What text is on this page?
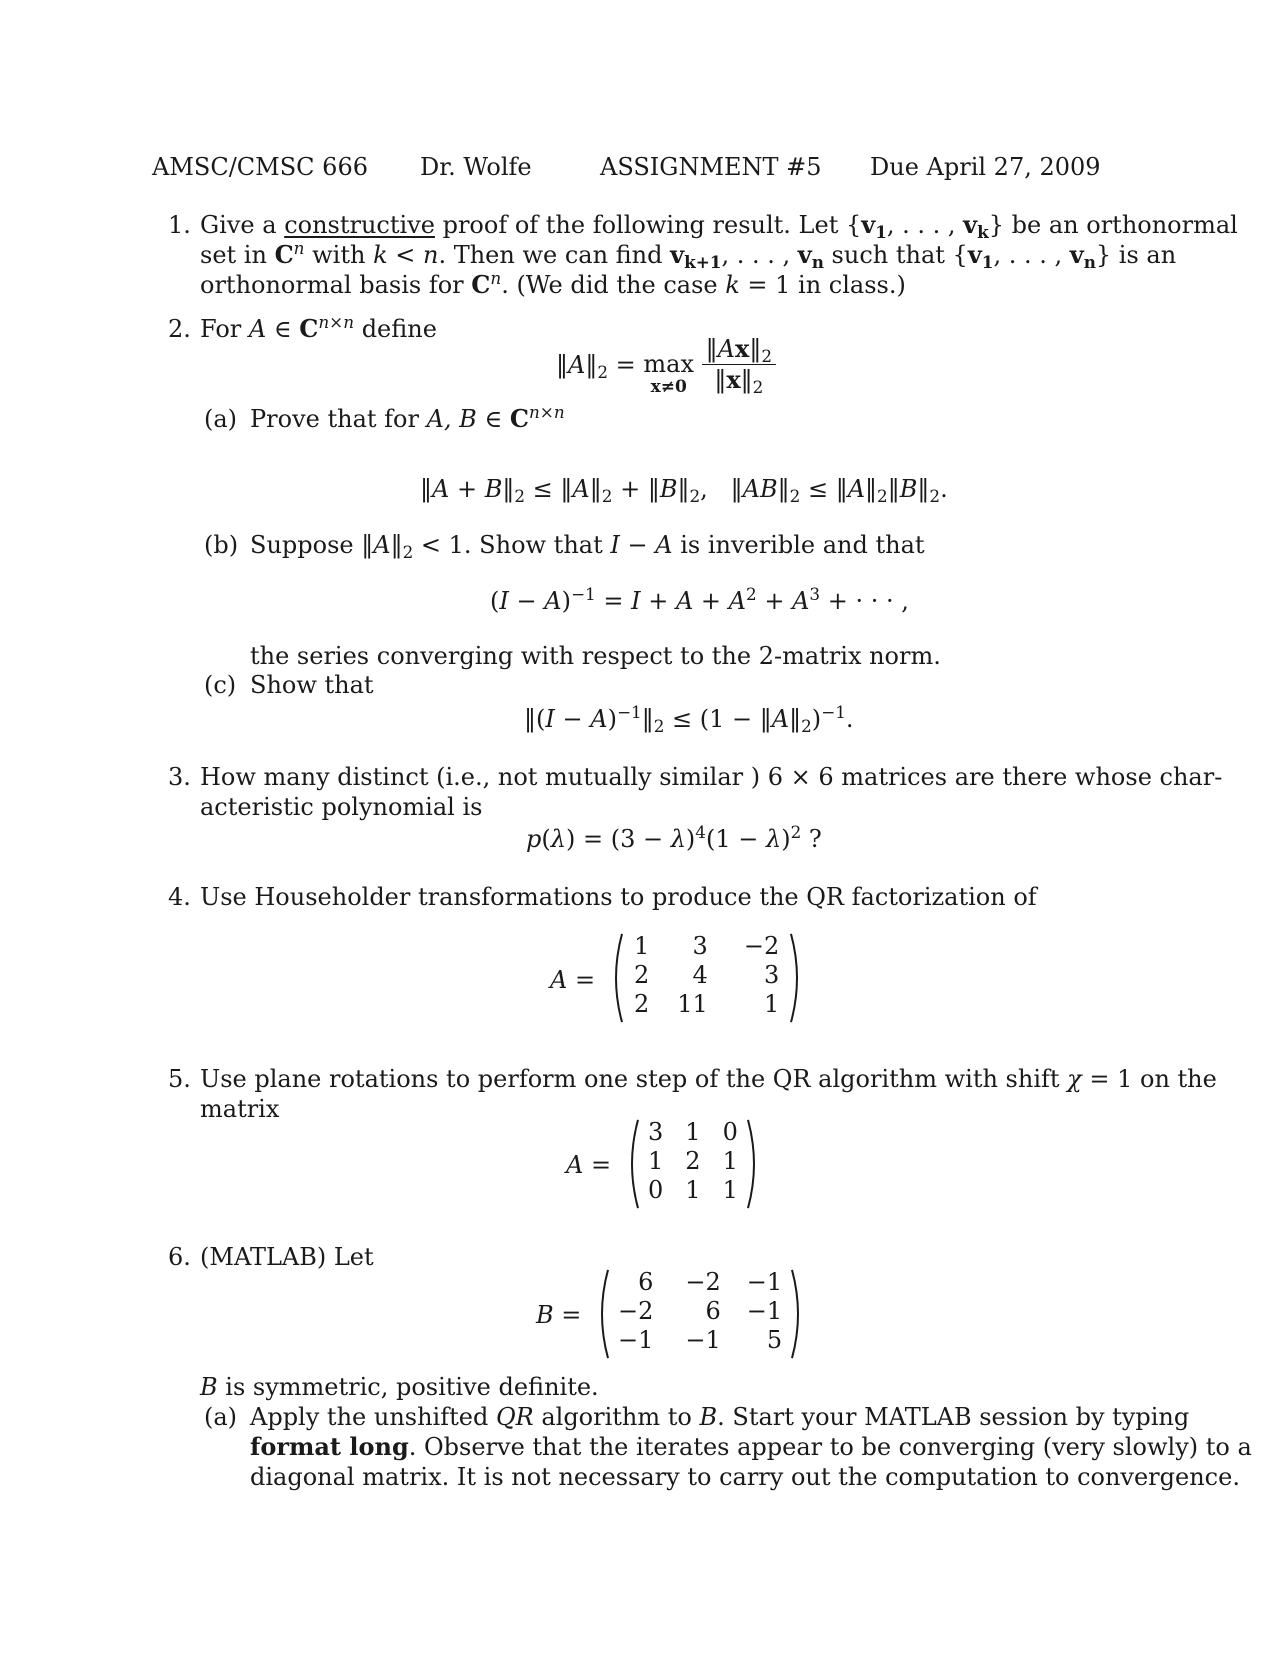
AMSC/CMSC 666 Dr. Wolfe	ASSIGNMENT #5 Due April 27, 2009
1. Give a constructive proof of the following result. Let {$v_1$, . . . , $v_k$} be an orthonormal
set in $C^n$ with k < n. Then we can find $v_{k+1}$, . . . , $v_n$ such that {$v_1$, . . . , $v_n$} is an
orthonormal basis for $C^n$. (We did the case k = 1 in class.)
2. For A ∈ $C^{n\times n}$ define
$‖A‖_2 = \max$
x≠0
$\frac{‖Ax‖_2}{‖x‖_2}$
(a) Prove that for A, B ∈ $C^{n\times n}$
‖A + $B‖_2$ ≤ $‖A‖_2$ + $‖B‖_2$,   $‖AB‖_2$ ≤ $‖A‖_2‖B‖_2$.
(b) Suppose $‖A‖_2 < 1$. Show that I − A is inverible and that
$(I - A)^{-1} = I + A + A^2 + A^3$ + · · · ,
the series converging with respect to the 2-matrix norm.
(c) Show that
‖(I − $A)^{-1}‖_2 \le (1$ − $‖A‖_2)^{-1}$.
3. How many distinct (i.e., not mutually similar ) 6 × 6 matrices are there whose char-
acteristic polynomial is
$p(\lambda) = (3 - \lambda)^4(1 - \lambda)^2$ ?
4. Use Householder transformations to produce the QR factorization of
A =
1	3	−2
2	4	3
2	11	1
5. Use plane rotations to perform one step of the QR algorithm with shift χ = 1 on the
matrix
A =
3	1	0
1	2	1
0	1	1
6. (MATLAB) Let
B =
6	−2	−1
−2	6	−1
−1	−1	5
B is symmetric, positive definite.
(a) Apply the unshifted QR algorithm to B. Start your MATLAB session by typing
format long. Observe that the iterates appear to be converging (very slowly) to a
diagonal matrix. It is not necessary to carry out the computation to convergence.
